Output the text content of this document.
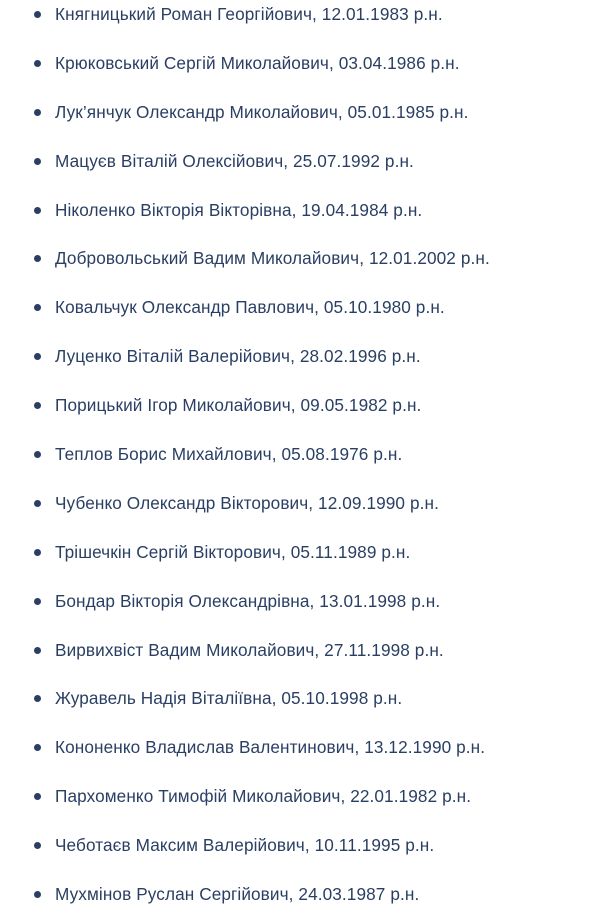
Княгницький Роман Георгійович, 12.01.1983 р.н.
Крюковський Сергій Миколайович, 03.04.1986 р.н.
Лук’янчук Олександр Миколайович, 05.01.1985 р.н.
Мацуєв Віталій Олексійович, 25.07.1992 р.н.
Ніколенко Вікторія Вікторівна, 19.04.1984 р.н.
Добровольський Вадим Миколайович, 12.01.2002 р.н.
Ковальчук Олександр Павлович, 05.10.1980 р.н.
Луценко Віталій Валерійович, 28.02.1996 р.н.
Порицький Ігор Миколайович, 09.05.1982 р.н.
Теплов Борис Михайлович, 05.08.1976 р.н.
Чубенко Олександр Вікторович, 12.09.1990 р.н.
Трішечкін Сергій Вікторович, 05.11.1989 р.н.
Бондар Вікторія Олександрівна, 13.01.1998 р.н.
Вирвихвіст Вадим Миколайович, 27.11.1998 р.н.
Журавель Надія Віталіївна, 05.10.1998 р.н.
Кононенко Владислав Валентинович, 13.12.1990 р.н.
Пархоменко Тимофій Миколайович, 22.01.1982 р.н.
Чеботаєв Максим Валерійович, 10.11.1995 р.н.
Мухмінов Руслан Сергійович, 24.03.1987 р.н.
